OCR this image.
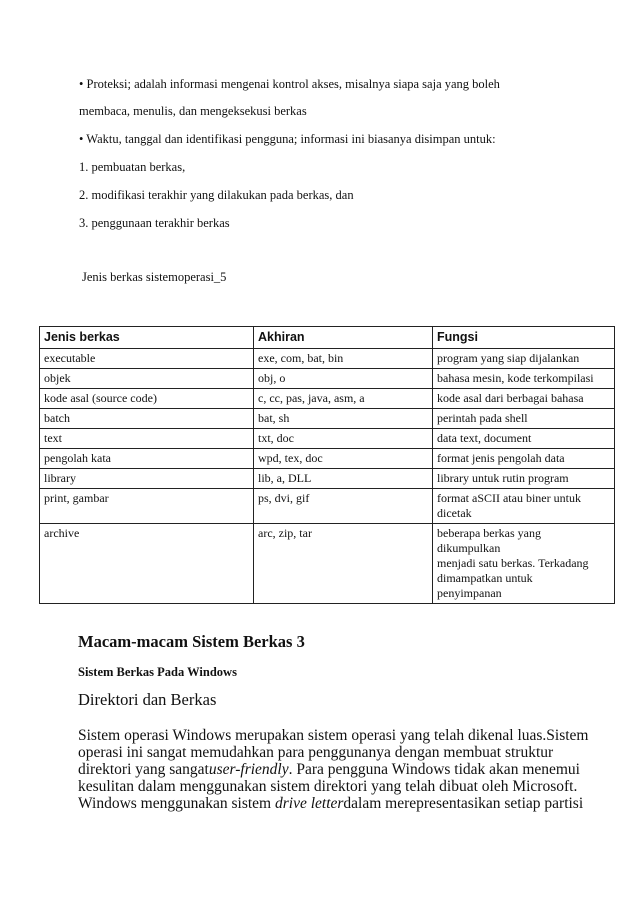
• Proteksi; adalah informasi mengenai kontrol akses, misalnya siapa saja yang boleh
membaca, menulis, dan mengeksekusi berkas
• Waktu, tanggal dan identifikasi pengguna; informasi ini biasanya disimpan untuk:
1. pembuatan berkas,
2. modifikasi terakhir yang dilakukan pada berkas, dan
3. penggunaan terakhir berkas
Jenis berkas sistemoperasi_5
Jenis berkas	Akhiran	Fungsi

executable	exe, com, bat, bin	program yang siap dijalankan

objek	obj, o	bahasa mesin, kode terkompilasi

kode asal (source code)	c, cc, pas, java, asm, a	kode asal dari berbagai bahasa

batch	bat, sh	perintah pada shell

text	txt, doc	data text, document

pengolah kata	wpd, tex, doc	format jenis pengolah data

library	lib, a, DLL	library untuk rutin program

print, gambar	ps, dvi, gif	format aSCII atau biner untuk
dicetak

archive	arc, zip, tar	beberapa berkas yang
dikumpulkan
menjadi satu berkas. Terkadang
dimampatkan untuk
penyimpanan
Macam-macam Sistem Berkas 3
Sistem Berkas Pada Windows
Direktori dan Berkas
Sistem operasi Windows merupakan sistem operasi yang telah dikenal luas.Sistem
operasi ini sangat memudahkan para penggunanya dengan membuat struktur
direktori yang sangatuser-friendly. Para pengguna Windows tidak akan menemui
kesulitan dalam menggunakan sistem direktori yang telah dibuat oleh Microsoft.
Windows menggunakan sistem drive letterdalam merepresentasikan setiap partisi
